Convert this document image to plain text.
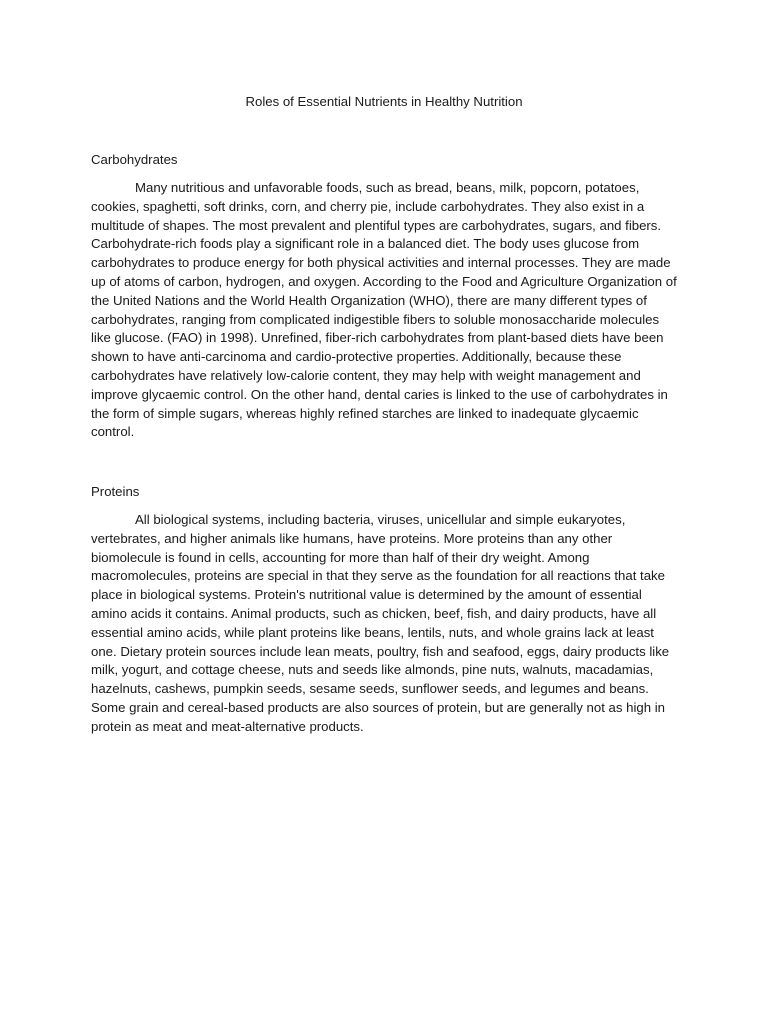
Roles of Essential Nutrients in Healthy Nutrition
Carbohydrates

Many nutritious and unfavorable foods, such as bread, beans, milk, popcorn, potatoes, cookies, spaghetti, soft drinks, corn, and cherry pie, include carbohydrates. They also exist in a multitude of shapes. The most prevalent and plentiful types are carbohydrates, sugars, and fibers. Carbohydrate-rich foods play a significant role in a balanced diet. The body uses glucose from carbohydrates to produce energy for both physical activities and internal processes. They are made up of atoms of carbon, hydrogen, and oxygen. According to the Food and Agriculture Organization of the United Nations and the World Health Organization (WHO), there are many different types of carbohydrates, ranging from complicated indigestible fibers to soluble monosaccharide molecules like glucose. (FAO) in 1998). Unrefined, fiber-rich carbohydrates from plant-based diets have been shown to have anti-carcinoma and cardio-protective properties. Additionally, because these carbohydrates have relatively low-calorie content, they may help with weight management and improve glycaemic control. On the other hand, dental caries is linked to the use of carbohydrates in the form of simple sugars, whereas highly refined starches are linked to inadequate glycaemic control.

Proteins

All biological systems, including bacteria, viruses, unicellular and simple eukaryotes, vertebrates, and higher animals like humans, have proteins. More proteins than any other biomolecule is found in cells, accounting for more than half of their dry weight. Among macromolecules, proteins are special in that they serve as the foundation for all reactions that take place in biological systems. Protein's nutritional value is determined by the amount of essential amino acids it contains. Animal products, such as chicken, beef, fish, and dairy products, have all essential amino acids, while plant proteins like beans, lentils, nuts, and whole grains lack at least one. Dietary protein sources include lean meats, poultry, fish and seafood, eggs, dairy products like milk, yogurt, and cottage cheese, nuts and seeds like almonds, pine nuts, walnuts, macadamias, hazelnuts, cashews, pumpkin seeds, sesame seeds, sunflower seeds, and legumes and beans. Some grain and cereal-based products are also sources of protein, but are generally not as high in protein as meat and meat-alternative products.
